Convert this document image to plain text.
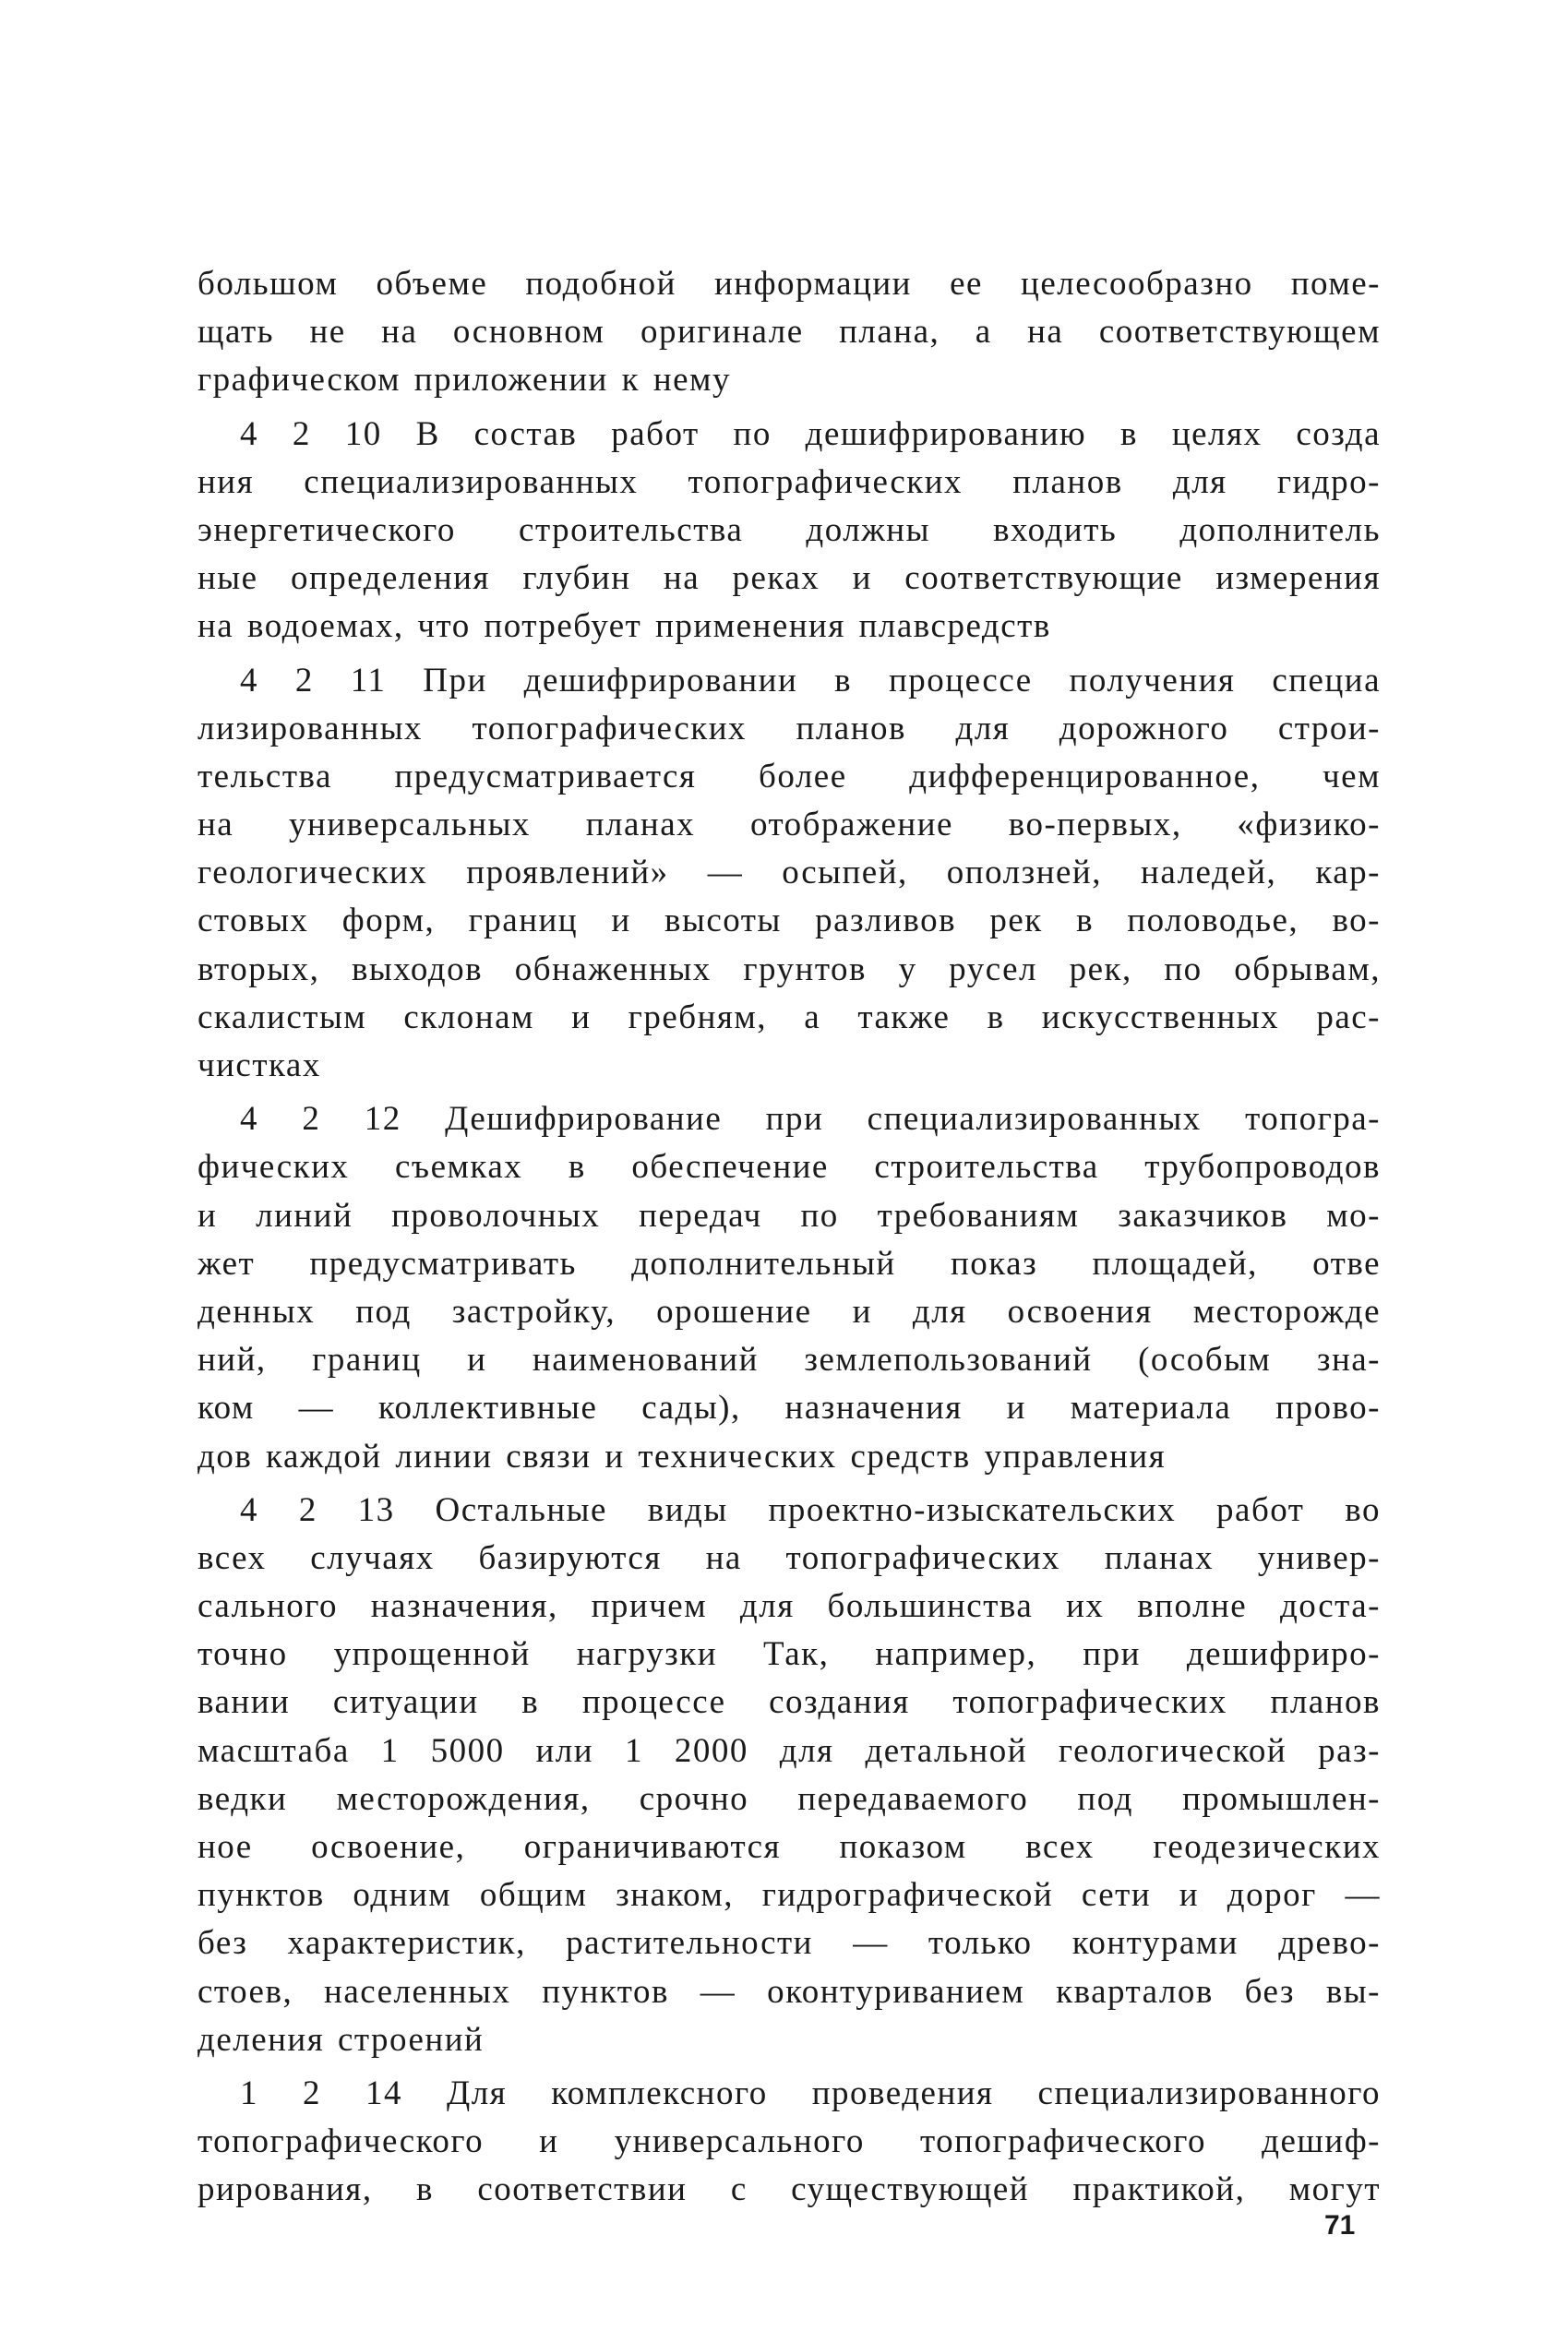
большом объеме подобной информации ее целесообразно поме-
щать не на основном оригинале плана, а на соответствующем
графическом приложении к нему
4 2 10 В состав работ по дешифрированию в целях созда
ния специализированных топографических планов для гидро-
энергетического строительства должны входить дополнитель
ные определения глубин на реках и соответствующие измерения
на водоемах, что потребует применения плавсредств
4 2 11 При дешифрировании в процессе получения специа
лизированных топографических планов для дорожного строи-
тельства предусматривается более дифференцированное, чем
на универсальных планах отображение во-первых, «физико-
геологических проявлений» — осыпей, оползней, наледей, кар-
стовых форм, границ и высоты разливов рек в половодье, во-
вторых, выходов обнаженных грунтов у русел рек, по обрывам,
скалистым склонам и гребням, а также в искусственных рас-
чистках
4 2 12 Дешифрирование при специализированных топогра-
фических съемках в обеспечение строительства трубопроводов
и линий проволочных передач по требованиям заказчиков мо-
жет предусматривать дополнительный показ площадей, отве
денных под застройку, орошение и для освоения месторожде
ний, границ и наименований землепользований (особым зна-
ком — коллективные сады), назначения и материала прово-
дов каждой линии связи и технических средств управления
4 2 13 Остальные виды проектно-изыскательских работ во
всех случаях базируются на топографических планах универ-
сального назначения, причем для большинства их вполне доста-
точно упрощенной нагрузки Так, например, при дешифриро-
вании ситуации в процессе создания топографических планов
масштаба 1 5000 или 1 2000 для детальной геологической раз-
ведки месторождения, срочно передаваемого под промышлен-
ное освоение, ограничиваются показом всех геодезических
пунктов одним общим знаком, гидрографической сети и дорог —
без характеристик, растительности — только контурами древо-
стоев, населенных пунктов — оконтуриванием кварталов без вы-
деления строений
1 2 14 Для комплексного проведения специализированного
топографического и универсального топографического дешиф-
рирования, в соответствии с существующей практикой, могут
71
